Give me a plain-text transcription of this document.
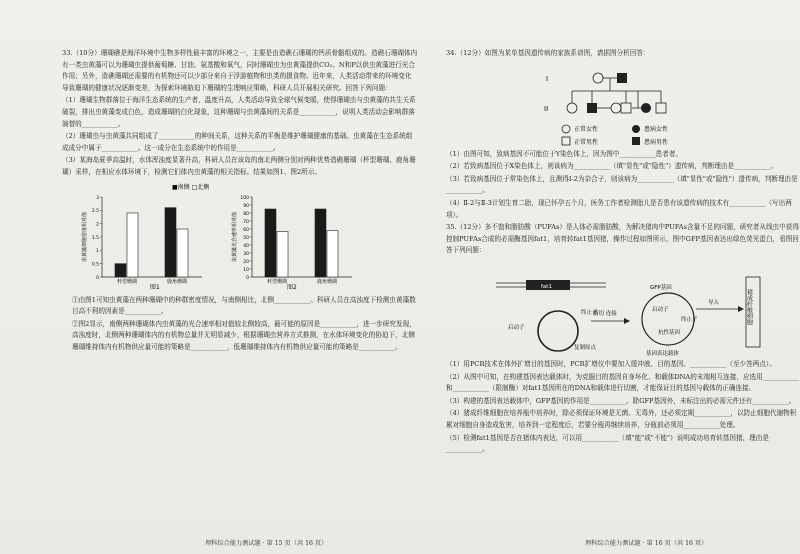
33.（10分）珊瑚礁是海洋环境中生物多样性最丰富的环境之一，主要是由造礁石珊瑚的钙质骨骼组成的。造礁石珊瑚体内有一类虫黄藻可以为珊瑚虫提供葡萄糖、甘油、氨基酸和氧气，同时珊瑚虫为虫黄藻提供CO₂、N和P以供虫黄藻进行光合作用；另外，造礁珊瑚还需要的有机物还可以少部分来自于浮游植物和虫类的摄食物。近年来，人类活动带来的环境变化导致珊瑚的健康状况逐渐变差，为探索环境胁迫下珊瑚的生理响应策略，科研人员开展相关研究。回答下列问题：

（1）珊瑚生物群落位于海洋生态系统的生产者，温度升高，人类活动导致全球气候变暖，使得珊瑚虫与虫黄藻的共生关系破裂，排出虫黄藻变成白色，造成珊瑚的白化现象，这种珊瑚与虫黄藻间的关系是___________，说明人类活动会影响群落演替的___________。

（2）珊瑚虫与虫黄藻共同组成了___________的种间关系，这种关系的平衡是维护珊瑚健康的基础。虫黄藻在生态系统组成成分中属于___________。这一成分在生态系统中的作用是___________。

（3）某海岛夏季高温时，水体浑浊度显著升高，科研人员在该岛的南北两侧分别对两种优势造礁珊瑚（杯型珊瑚、鹿角珊瑚）采样，在相应水体环境下，检测它们体内虫黄藻的相关指标。结果如图1、图2所示。

■南侧 □北侧
0
0.5
1
1.5
2
2.5
3
虫黄藻细胞密度相对值
杯型珊瑚	鹿角珊瑚
0
10
20
30
40
50
60
70
80
90
100
虫黄藻光合速率相对值
杯型珊瑚	鹿角珊瑚
图1	图2

①由图1可知虫黄藻在两种珊瑚中的种群密度情况，与南侧相比，北侧___________。科研人员在高浊度下检测虫黄藻数目高不利的因素是___________。

②图2显示，南侧两种珊瑚体内虫黄藻的光合速率相对值较北侧较高，最可能的原因是___________，进一步研究发现，高浊度时，北侧两种珊瑚体内的有机物总量并无明显减少，根据珊瑚虫营养方式推测，在水体环境变化的协迫下，北侧珊瑚维持体内有机物供应量可能的策略是___________，低珊瑚维持体内有机物供应量可能的策略是___________。

34.（12分）如图为某单基因遗传病的家族系谱图，请据图分析回答：

I
II
正常女性	患病女性
正常男性	患病男性

（1）由图可知，致病基因不可能位于Y染色体上，因为图中___________患者者。

（2）若致病基因位于X染色体上，则该病为___________（填"显性"或"隐性"）遗传病，判断理由是___________。

（3）若致病基因位于常染色体上，且测得Ⅰ-2为杂合子，则该病为___________（填"显性"或"隐性"）遗传病，判断理由是___________。

（4）Ⅱ-2与Ⅱ-3计划生育二胎，现已怀孕五个月，医务工作者检测胎儿是否患有该遗传病的技术有___________（写出两项）。

35.（12分）多不饱和脂肪酸（PUFAs）是人体必需脂肪酸，为解决猪肉中PUFAs含量不足的问题，研究者从线虫中获得控制PUFAs合成的必需酶基因fat1，培育转fat1基因猪，操作过程如图所示，图中GFP基因表达出绿色荧光蛋白，看图回答下列问题：

fat1
终止子
启动子
复制原点
酶切 连接
GFP基因
启动子
终止子
抗性基因
基因表达载体
导入	猪成纤维细胞

（1）用PCR技术在体外扩增目的基因时，PCR扩增仪中要加入缓冲液、目的基因、___________（至少答两点）。

（2）从图中可知，在构建基因表达载体时，为克服目的基因自身环化、和载体DNA的末端相互连接，应选用___________和___________（限制酶）对fat1基因所在的DNA和载体进行切割，才能保证目的基因与载体的正确连接。

（3）构建的基因表达载体中，GFP基因的作用是___________。除GFP基因外，未标注出的必需元件还有___________。

（4）猪成纤维细胞在培养瓶中培养时，除必须保证环境是无菌、无毒外，还必须定期___________，以防止细胞代谢物积累对细胞自身造成危害，培养到一定程度后，若要分瓶再继续培养，分瓶前必须用___________处理。

（5）检测fat1基因是否在猪体内表达，可以用___________（填"能"或"不能"）说明成功培育转基因猪，理由是___________。

理科综合能力测试题 · 第 15 页（共 16 页）	理科综合能力测试题 · 第 16 页（共 16 页）
